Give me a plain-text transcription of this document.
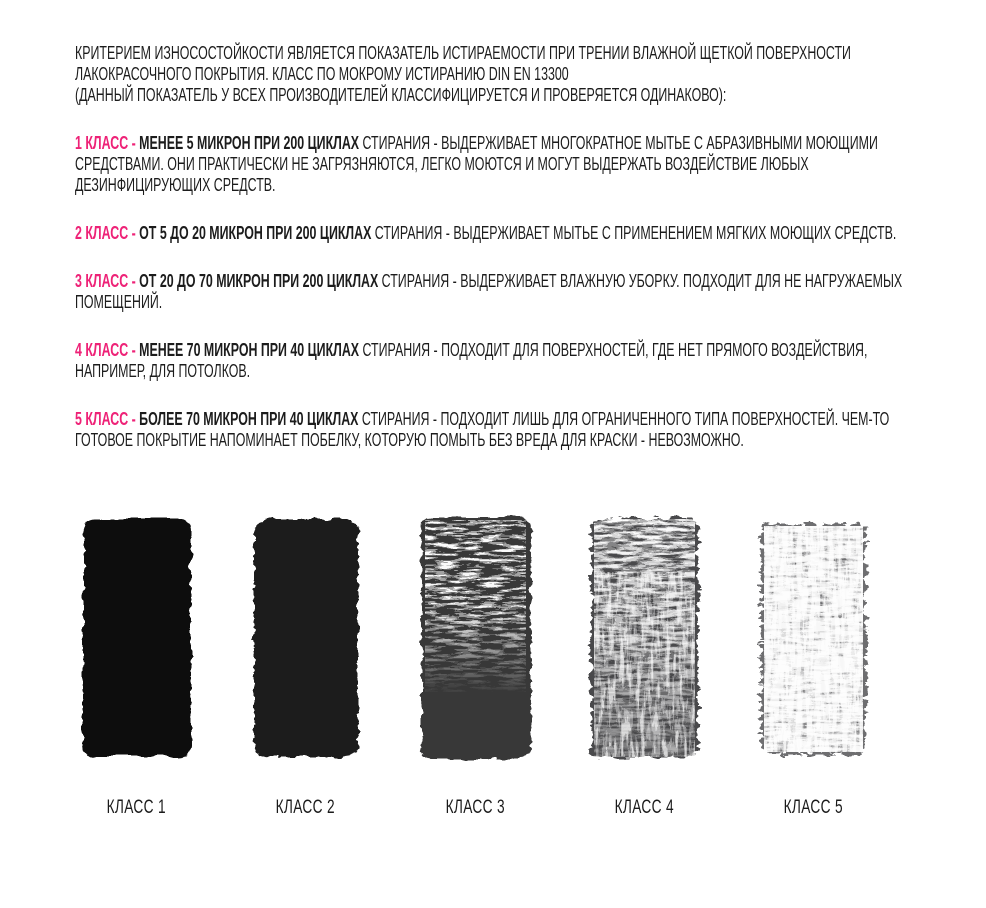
КРИТЕРИЕМ ИЗНОСОСТОЙКОСТИ ЯВЛЯЕТСЯ ПОКАЗАТЕЛЬ ИСТИРАЕМОСТИ ПРИ ТРЕНИИ ВЛАЖНОЙ ЩЕТКОЙ ПОВЕРХНОСТИ ЛАКОКРАСОЧНОГО ПОКРЫТИЯ. КЛАСС ПО МОКРОМУ ИСТИРАНИЮ DIN EN 13300
(ДАННЫЙ ПОКАЗАТЕЛЬ У ВСЕХ ПРОИЗВОДИТЕЛЕЙ КЛАССИФИЦИРУЕТСЯ И ПРОВЕРЯЕТСЯ ОДИНАКОВО):

1 КЛАСС - МЕНЕЕ 5 МИКРОН ПРИ 200 ЦИКЛАХ СТИРАНИЯ - ВЫДЕРЖИВАЕТ МНОГОКРАТНОЕ МЫТЬЕ С АБРАЗИВНЫМИ МОЮЩИМИ СРЕДСТВАМИ. ОНИ ПРАКТИЧЕСКИ НЕ ЗАГРЯЗНЯЮТСЯ, ЛЕГКО МОЮТСЯ И МОГУТ ВЫДЕРЖАТЬ ВОЗДЕЙСТВИЕ ЛЮБЫХ ДЕЗИНФИЦИРУЮЩИХ СРЕДСТВ.

2 КЛАСС - ОТ 5 ДО 20 МИКРОН ПРИ 200 ЦИКЛАХ СТИРАНИЯ - ВЫДЕРЖИВАЕТ МЫТЬЕ С ПРИМЕНЕНИЕМ МЯГКИХ МОЮЩИХ СРЕДСТВ.

3 КЛАСС - ОТ 20 ДО 70 МИКРОН ПРИ 200 ЦИКЛАХ СТИРАНИЯ - ВЫДЕРЖИВАЕТ ВЛАЖНУЮ УБОРКУ. ПОДХОДИТ ДЛЯ НЕ НАГРУЖАЕМЫХ ПОМЕЩЕНИЙ.

4 КЛАСС - МЕНЕЕ 70 МИКРОН ПРИ 40 ЦИКЛАХ СТИРАНИЯ - ПОДХОДИТ ДЛЯ ПОВЕРХНОСТЕЙ, ГДЕ НЕТ ПРЯМОГО ВОЗДЕЙСТВИЯ, НАПРИМЕР, ДЛЯ ПОТОЛКОВ.

5 КЛАСС - БОЛЕЕ 70 МИКРОН ПРИ 40 ЦИКЛАХ СТИРАНИЯ - ПОДХОДИТ ЛИШЬ ДЛЯ ОГРАНИЧЕННОГО ТИПА ПОВЕРХНОСТЕЙ. ЧЕМ-ТО ГОТОВОЕ ПОКРЫТИЕ НАПОМИНАЕТ ПОБЕЛКУ, КОТОРУЮ ПОМЫТЬ БЕЗ ВРЕДА ДЛЯ КРАСКИ - НЕВОЗМОЖНО.

КЛАСС 1	КЛАСС 2	КЛАСС 3	КЛАСС 4	КЛАСС 5
